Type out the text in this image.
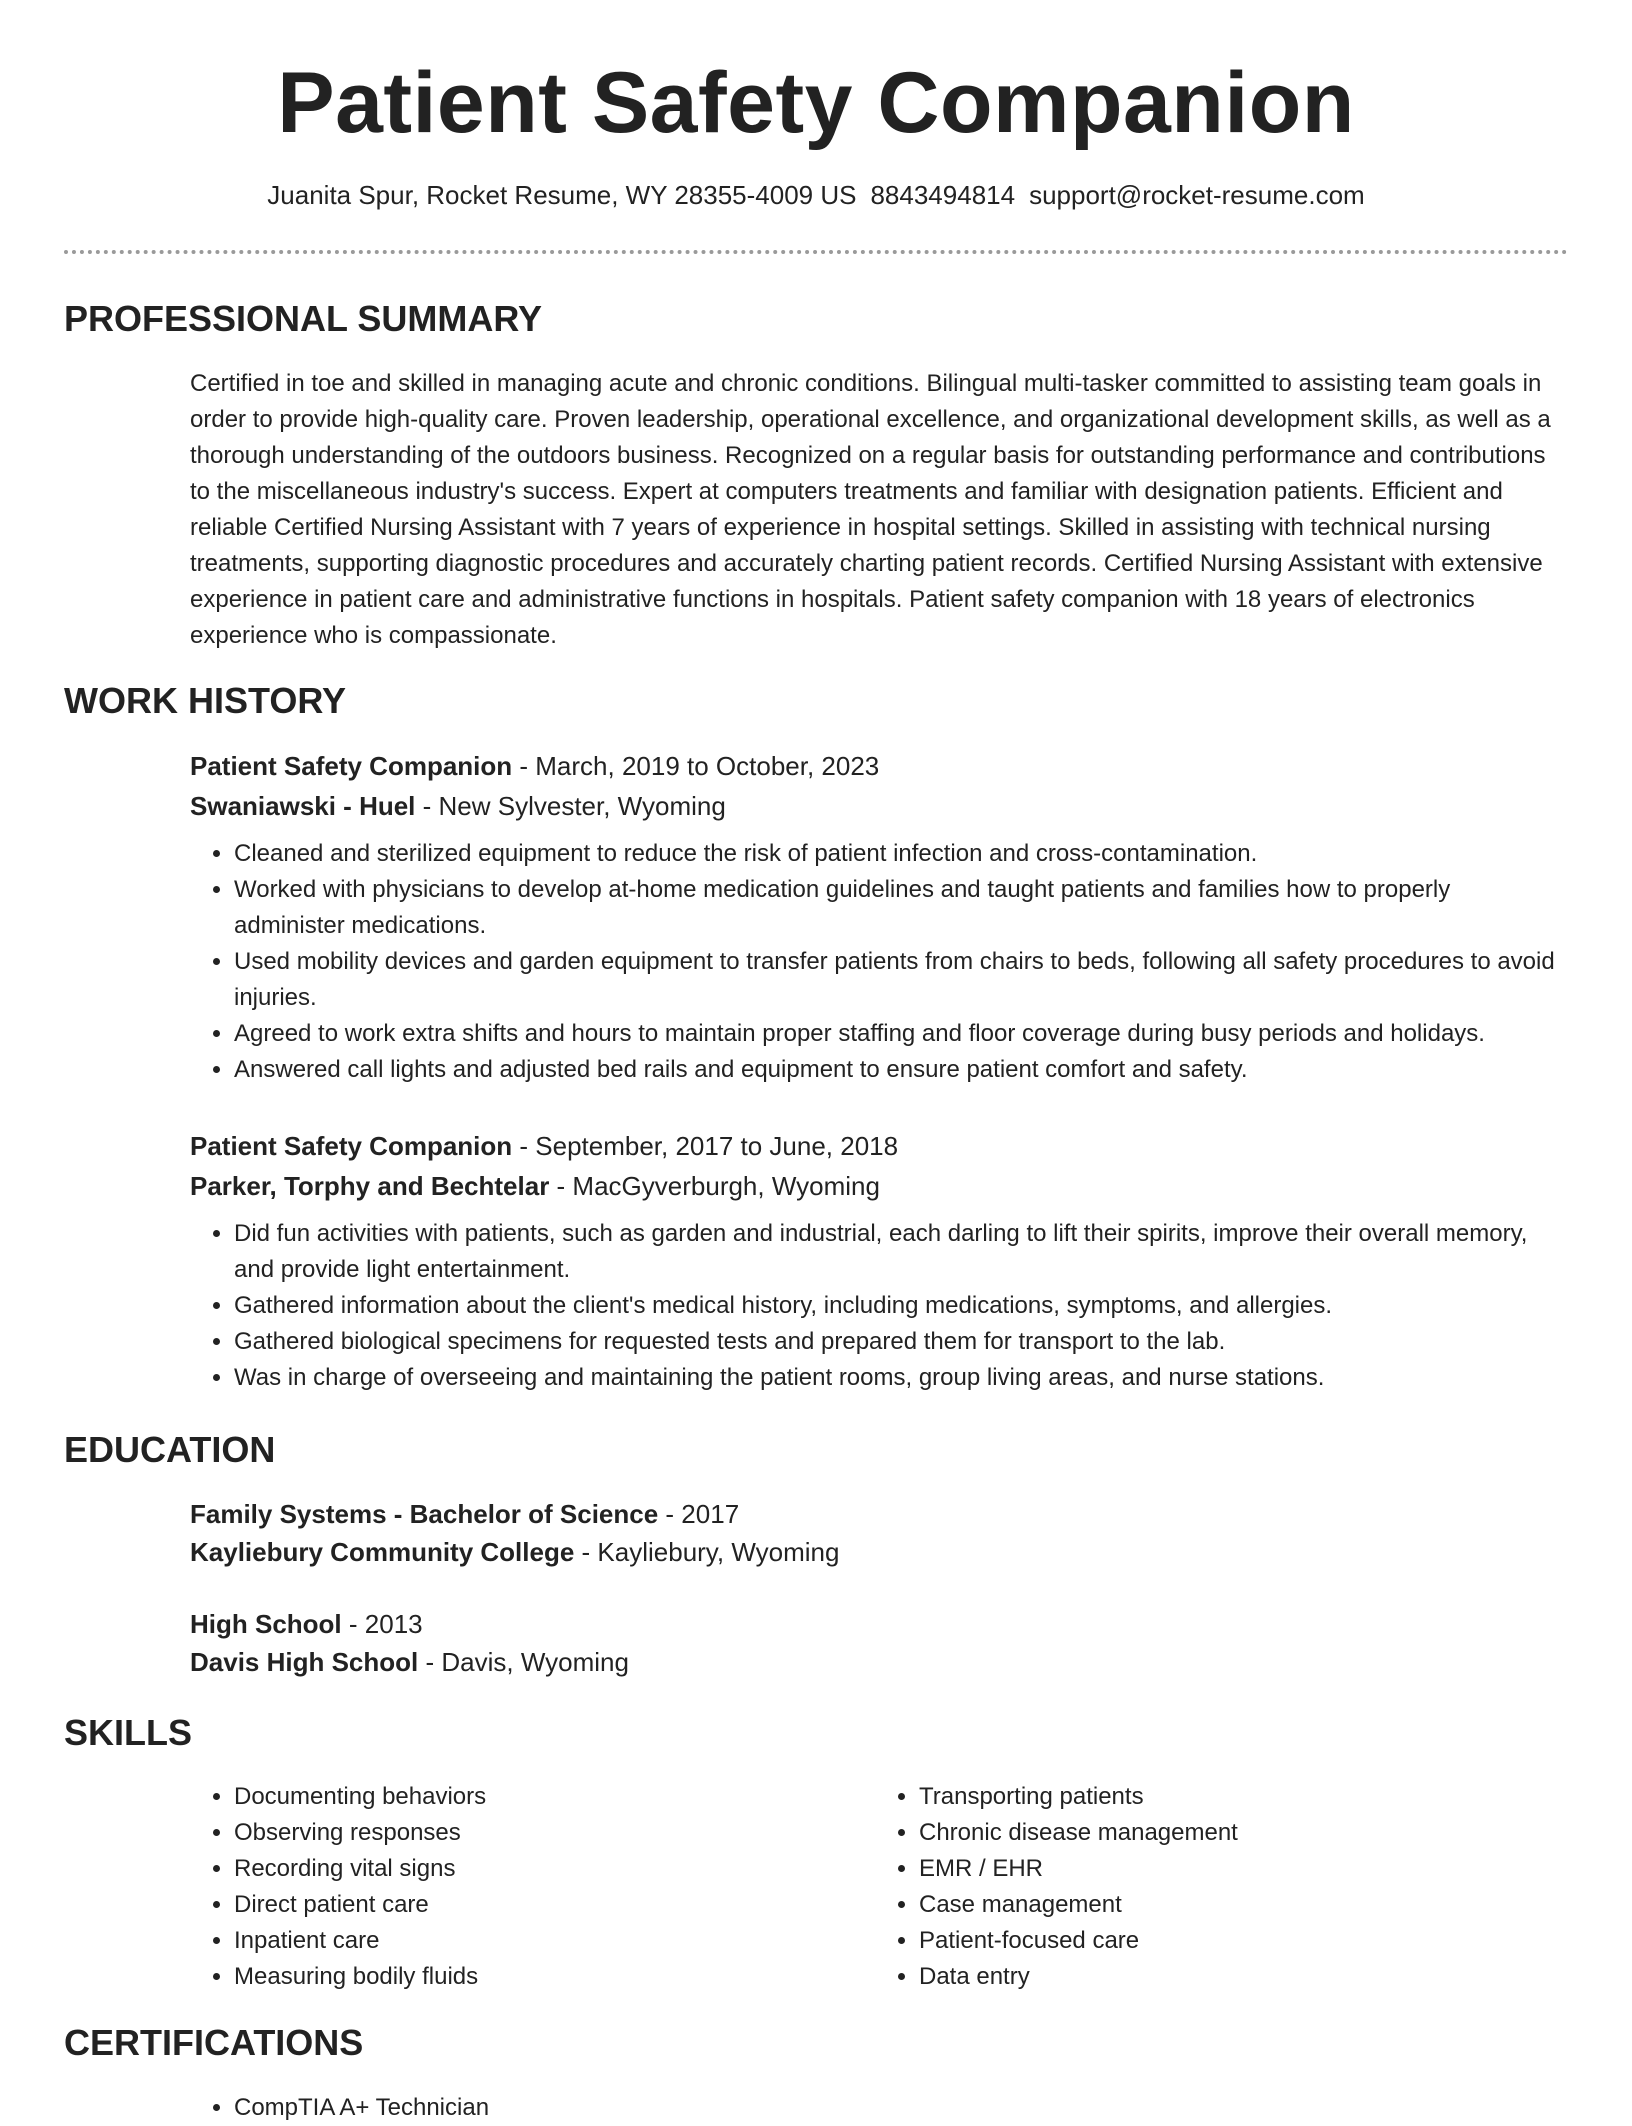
Patient Safety Companion
Juanita Spur, Rocket Resume, WY 28355-4009 US 8843494814 support@rocket-resume.com
PROFESSIONAL SUMMARY
Certified in toe and skilled in managing acute and chronic conditions. Bilingual multi-tasker committed to assisting team goals in order to provide high-quality care. Proven leadership, operational excellence, and organizational development skills, as well as a thorough understanding of the outdoors business. Recognized on a regular basis for outstanding performance and contributions to the miscellaneous industry's success. Expert at computers treatments and familiar with designation patients. Efficient and reliable Certified Nursing Assistant with 7 years of experience in hospital settings. Skilled in assisting with technical nursing treatments, supporting diagnostic procedures and accurately charting patient records. Certified Nursing Assistant with extensive experience in patient care and administrative functions in hospitals. Patient safety companion with 18 years of electronics experience who is compassionate.
WORK HISTORY
Patient Safety Companion - March, 2019 to October, 2023
Swaniawski - Huel - New Sylvester, Wyoming
• Cleaned and sterilized equipment to reduce the risk of patient infection and cross-contamination.
• Worked with physicians to develop at-home medication guidelines and taught patients and families how to properly administer medications.
• Used mobility devices and garden equipment to transfer patients from chairs to beds, following all safety procedures to avoid injuries.
• Agreed to work extra shifts and hours to maintain proper staffing and floor coverage during busy periods and holidays.
• Answered call lights and adjusted bed rails and equipment to ensure patient comfort and safety.
Patient Safety Companion - September, 2017 to June, 2018
Parker, Torphy and Bechtelar - MacGyverburgh, Wyoming
• Did fun activities with patients, such as garden and industrial, each darling to lift their spirits, improve their overall memory, and provide light entertainment.
• Gathered information about the client's medical history, including medications, symptoms, and allergies.
• Gathered biological specimens for requested tests and prepared them for transport to the lab.
• Was in charge of overseeing and maintaining the patient rooms, group living areas, and nurse stations.
EDUCATION
Family Systems - Bachelor of Science - 2017
Kayliebury Community College - Kayliebury, Wyoming
High School - 2013
Davis High School - Davis, Wyoming
SKILLS
• Documenting behaviors
• Observing responses
• Recording vital signs
• Direct patient care
• Inpatient care
• Measuring bodily fluids
• Transporting patients
• Chronic disease management
• EMR / EHR
• Case management
• Patient-focused care
• Data entry
CERTIFICATIONS
• CompTIA A+ Technician
